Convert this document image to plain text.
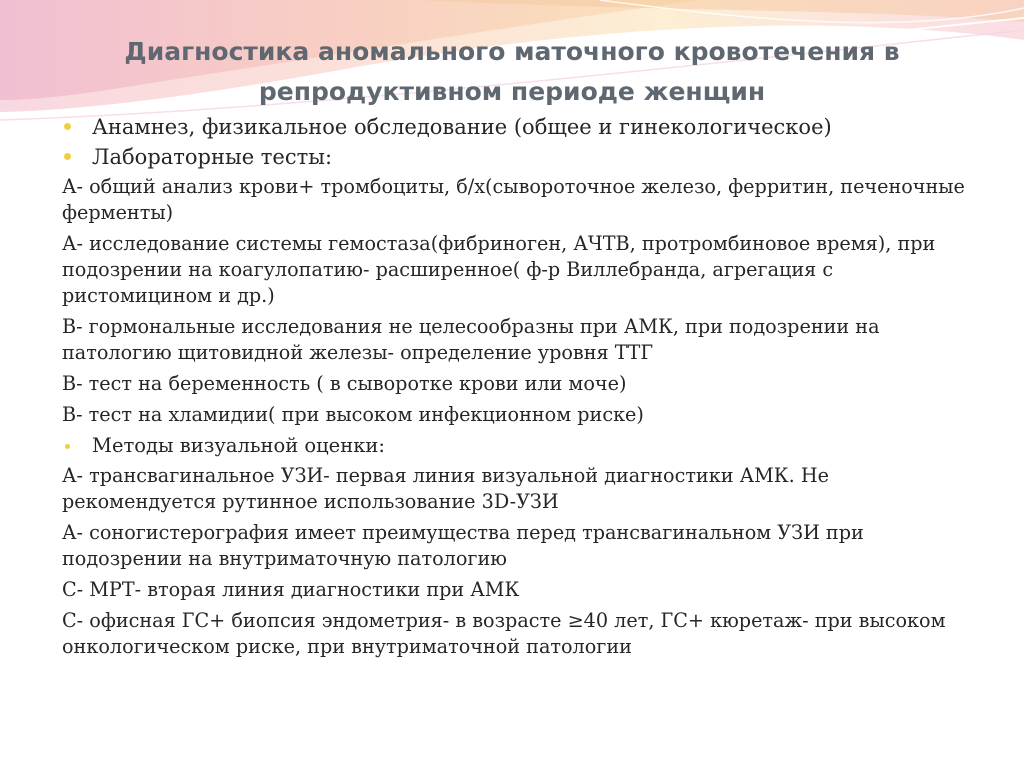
Диагностика аномального маточного кровотечения в
репродуктивном периоде женщин
Анамнез, физикальное обследование (общее и гинекологическое)
Лабораторные тесты:
А- общий анализ крови+ тромбоциты, б/х(сывороточное железо, ферритин, печеночные ферменты)
А- исследование системы гемостаза(фибриноген, АЧТВ, протромбиновое время), при подозрении на коагулопатию- расширенное( ф-р Виллебранда, агрегация с ристомицином и др.)
В- гормональные исследования не целесообразны при АМК, при подозрении на патологию щитовидной железы- определение уровня ТТГ
В- тест на беременность ( в сыворотке крови или моче)
В- тест на хламидии( при высоком инфекционном риске)
Методы визуальной оценки:
А- трансвагинальное УЗИ- первая линия визуальной диагностики АМК. Не рекомендуется рутинное использование 3D-УЗИ
А- соногистерография имеет преимущества перед трансвагинальном УЗИ при подозрении на внутриматочную патологию
С- МРТ- вторая линия диагностики при АМК
С- офисная ГС+ биопсия эндометрия- в возрасте ≥40 лет, ГС+ кюретаж- при высоком онкологическом риске, при внутриматочной патологии
